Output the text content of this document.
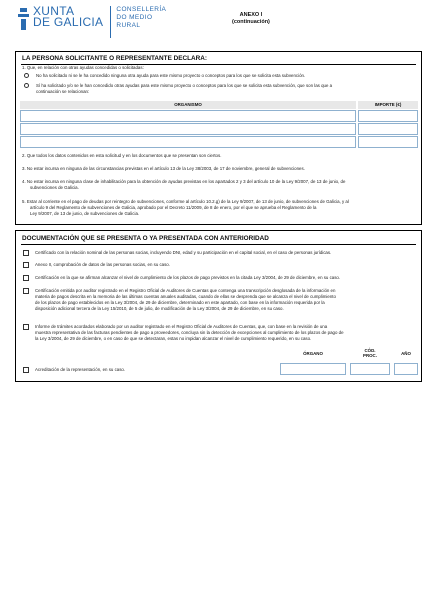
XUNTA
DE GALICIA
CONSELLERÍA
DO MEDIO
RURAL
ANEXO I
(continuación)
LA PERSONA SOLICITANTE O REPRESENTANTE DECLARA:
1. Que, en relación con otras ayudas concedidas o solicitadas:
No ha solicitado ni se le ha concedido ninguna otra ayuda para este mismo proyecto o conceptos para los que se solicita esta subvención.
Sí ha solicitado y/o se le han concedido otras ayudas para este mismo proyecto o conceptos para los que se solicita esta subvención, que son las que a
continuación se relacionan:
ORGANISMO	IMPORTE (€)
2. Que todos los datos contenidos en esta solicitud y en los documentos que se presentan son ciertos.
3. No estar incursa en ninguna de las circunstancias previstas en el artículo 13 de la Ley 38/2003, de 17 de noviembre, general de subvenciones.
4. No estar incursa en ninguna clase de inhabilitación para la obtención de ayudas previstas en los apartados 2 y 3 del artículo 10 de la Ley 9/2007, de 13 de junio, de
subvenciones de Galicia.
5. Estar al corriente en el pago de deudas por reintegro de subvenciones, conforme al artículo 10.2.g) de la Ley 9/2007, de 13 de junio, de subvenciones de Galicia, y al
artículo 9 del Reglamento de subvenciones de Galicia, aprobado por el Decreto 11/2009, de 8 de enero, por el que se aprueba el Reglamento de la
Ley 9/2007, de 13 de junio, de subvenciones de Galicia.
DOCUMENTACIÓN QUE SE PRESENTA O YA PRESENTADA CON ANTERIORIDAD
Certificado con la relación nominal de las personas socias, incluyendo DNI, edad y su participación en el capital social, en el caso de personas jurídicas.
Anexo II, comprobación de datos de las personas socias, en su caso.
Certificación en la que se afirman alcanzar el nivel de cumplimiento de los plazos de pago previstos en la citada Ley 3/2004, de 29 de diciembre, en su caso.
Certificación emitida por auditor registrado en el Registro Oficial de Auditores de Cuentas que contenga una transcripción desglosada de la información en
materia de pagos descrita en la memoria de las últimas cuentas anuales auditadas, cuando de ellas se desprenda que se alcanza el nivel de cumplimiento
de los plazos de pago establecidos en la Ley 3/2004, de 29 de diciembre, determinado en este apartado, con base en la información requerida por la
disposición adicional tercera de la Ley 15/2010, de 5 de julio, de modificación de la Ley 3/2004, de 29 de diciembre, en su caso.
Informe de trámites acordados elaborado por un auditor registrado en el Registro Oficial de Auditores de Cuentas, que, con base en la revisión de una
muestra representativa de las facturas pendientes de pago a proveedores, concluya sin la detección de excepciones al cumplimiento de los plazos de pago de
la Ley 3/2004, de 29 de diciembre, o en caso de que se detectaran, estas no impidan alcanzar el nivel de cumplimiento requerido, en su caso.
ÓRGANO
CÓD.
PROC.	AÑO
Acreditación de la representación, en su caso.
